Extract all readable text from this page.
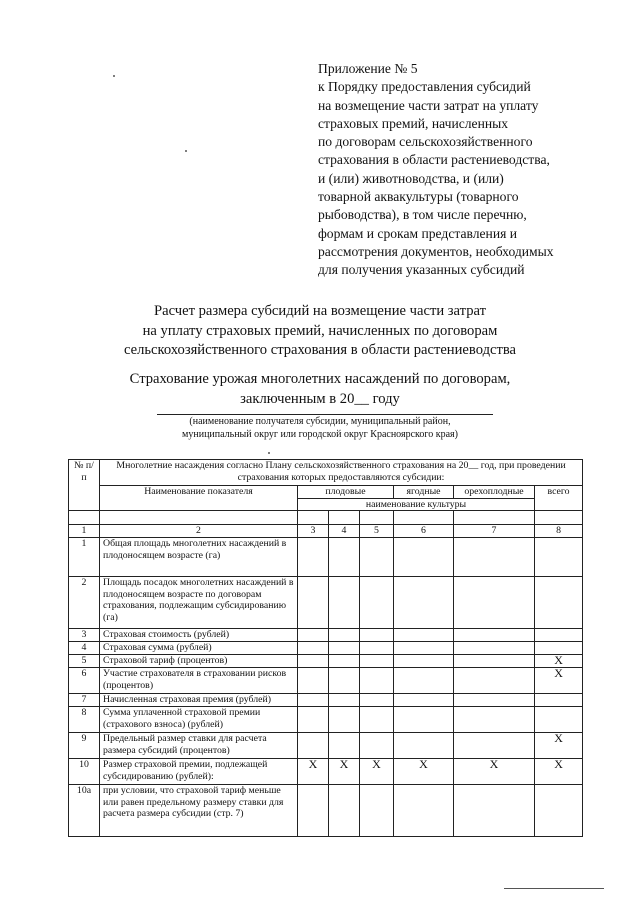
Приложение № 5
к Порядку предоставления субсидий
на возмещение части затрат на уплату
страховых премий, начисленных
по договорам сельскохозяйственного
страхования в области растениеводства,
и (или) животноводства, и (или)
товарной аквакультуры (товарного
рыбоводства), в том числе перечню,
формам и срокам представления и
рассмотрения документов, необходимых
для получения указанных субсидий
Расчет размера субсидий на возмещение части затрат
на уплату страховых премий, начисленных по договорам
сельскохозяйственного страхования в области растениеводства
Страхование урожая многолетних насаждений по договорам,
заключенным в 20__ году
(наименование получателя субсидии, муниципальный район,
муниципальный округ или городской округ Красноярского края)
№ п/п	Многолетние насаждения согласно Плану сельскохозяйственного страхования на 20__ год, при проведении страхования которых предоставляются субсидии:						
	Наименование показателя	плодовые			ягодные	орехоплодные	всего
		наименование культуры					

1	2	3	4	5	6	7	8
1	Общая площадь многолетних насаждений в плодоносящем возрасте (га)						
2	Площадь посадок многолетних насаждений в плодоносящем возрасте по договорам страхования, подлежащим субсидированию (га)						
3	Страховая стоимость (рублей)						
4	Страховая сумма (рублей)						
5	Страховой тариф (процентов)						X
6	Участие страхователя в страховании рисков (процентов)						X
7	Начисленная страховая премия (рублей)						
8	Сумма уплаченной страховой премии (страхового взноса) (рублей)						
9	Предельный размер ставки для расчета размера субсидий (процентов)						X
10	Размер страховой премии, подлежащей субсидированию (рублей):	X	X	X	X	X	X
10a	при условии, что страховой тариф меньше или равен предельному размеру ставки для расчета размера субсидии (стр. 7)						
